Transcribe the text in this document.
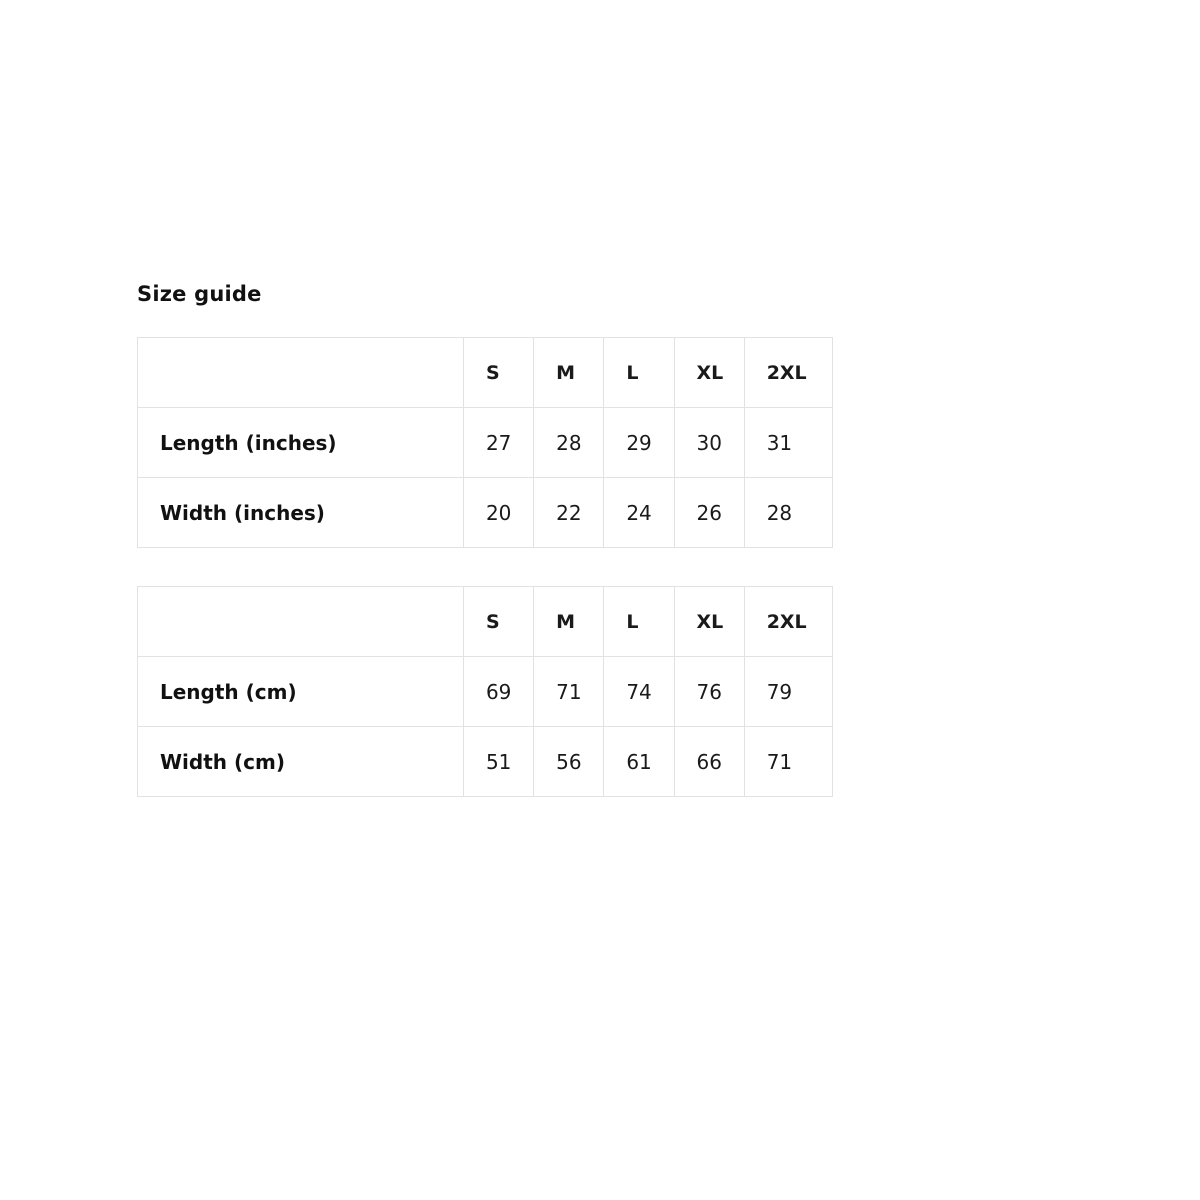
Size guide
	S	M	L	XL	2XL
Length (inches)	27	28	29	30	31
Width (inches)	20	22	24	26	28
	S	M	L	XL	2XL
Length (cm)	69	71	74	76	79
Width (cm)	51	56	61	66	71
